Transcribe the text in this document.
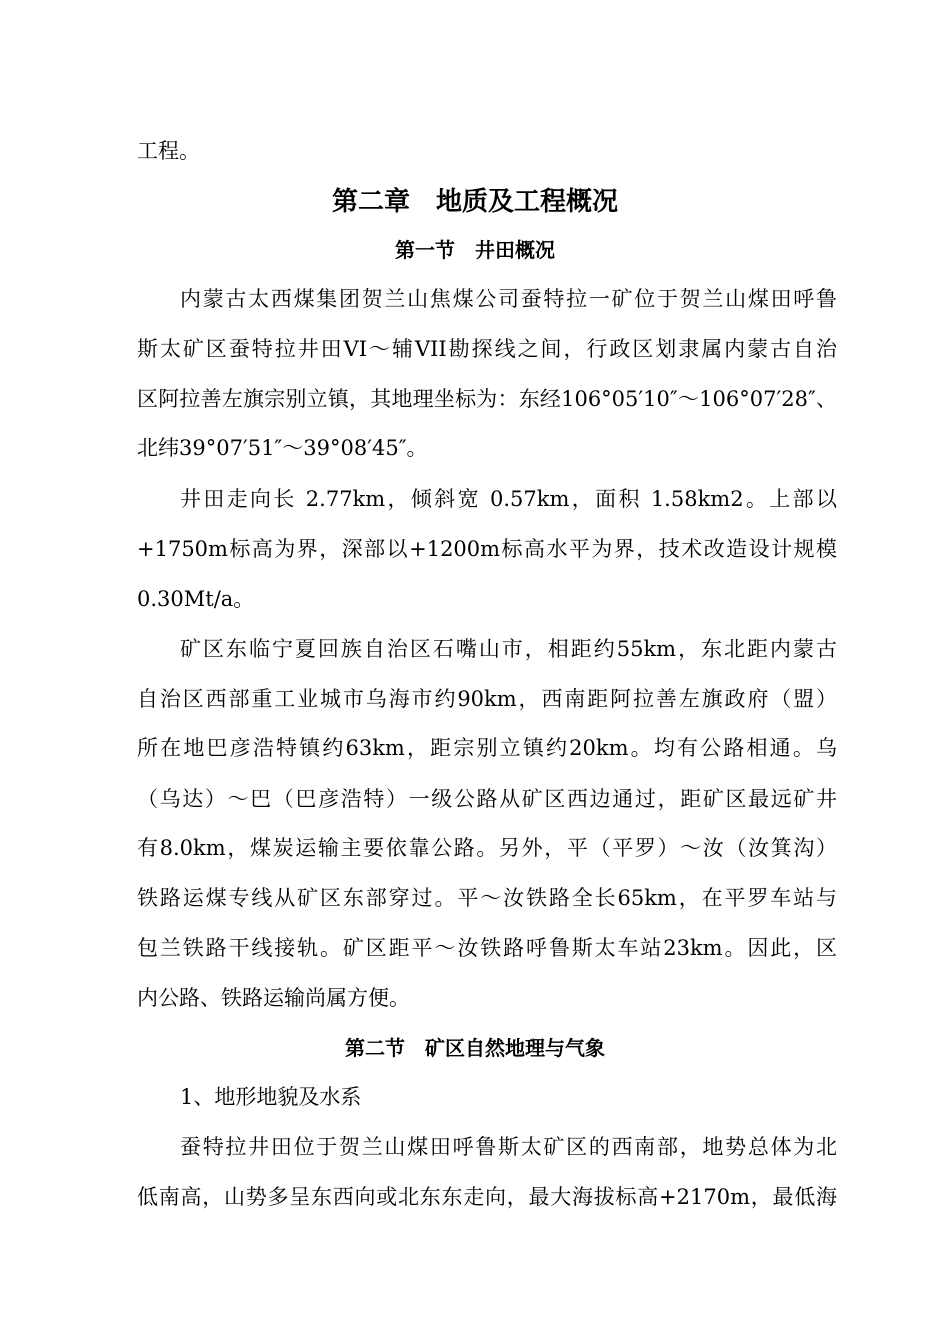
工程。
第二章　地质及工程概况
第一节　井田概况
内蒙古太西煤集团贺兰山焦煤公司蚕特拉一矿位于贺兰山煤田呼鲁
斯太矿区蚕特拉井田VI～辅VII勘探线之间，行政区划隶属内蒙古自治
区阿拉善左旗宗别立镇，其地理坐标为：东经106°05′10″～106°07′28″、
北纬39°07′51″～39°08′45″。
井田走向长 2.77km，倾斜宽 0.57km，面积 1.58km2。上部以
+1750m标高为界，深部以+1200m标高水平为界，技术改造设计规模
0.30Mt/a。
矿区东临宁夏回族自治区石嘴山市，相距约55km，东北距内蒙古
自治区西部重工业城市乌海市约90km，西南距阿拉善左旗政府（盟）
所在地巴彦浩特镇约63km，距宗别立镇约20km。均有公路相通。乌
（乌达）～巴（巴彦浩特）一级公路从矿区西边通过，距矿区最远矿井
有8.0km，煤炭运输主要依靠公路。另外，平（平罗）～汝（汝箕沟）
铁路运煤专线从矿区东部穿过。平～汝铁路全长65km，在平罗车站与
包兰铁路干线接轨。矿区距平～汝铁路呼鲁斯太车站23km。因此，区
内公路、铁路运输尚属方便。
第二节　矿区自然地理与气象
1、地形地貌及水系
蚕特拉井田位于贺兰山煤田呼鲁斯太矿区的西南部，地势总体为北
低南高，山势多呈东西向或北东东走向，最大海拔标高+2170m，最低海
